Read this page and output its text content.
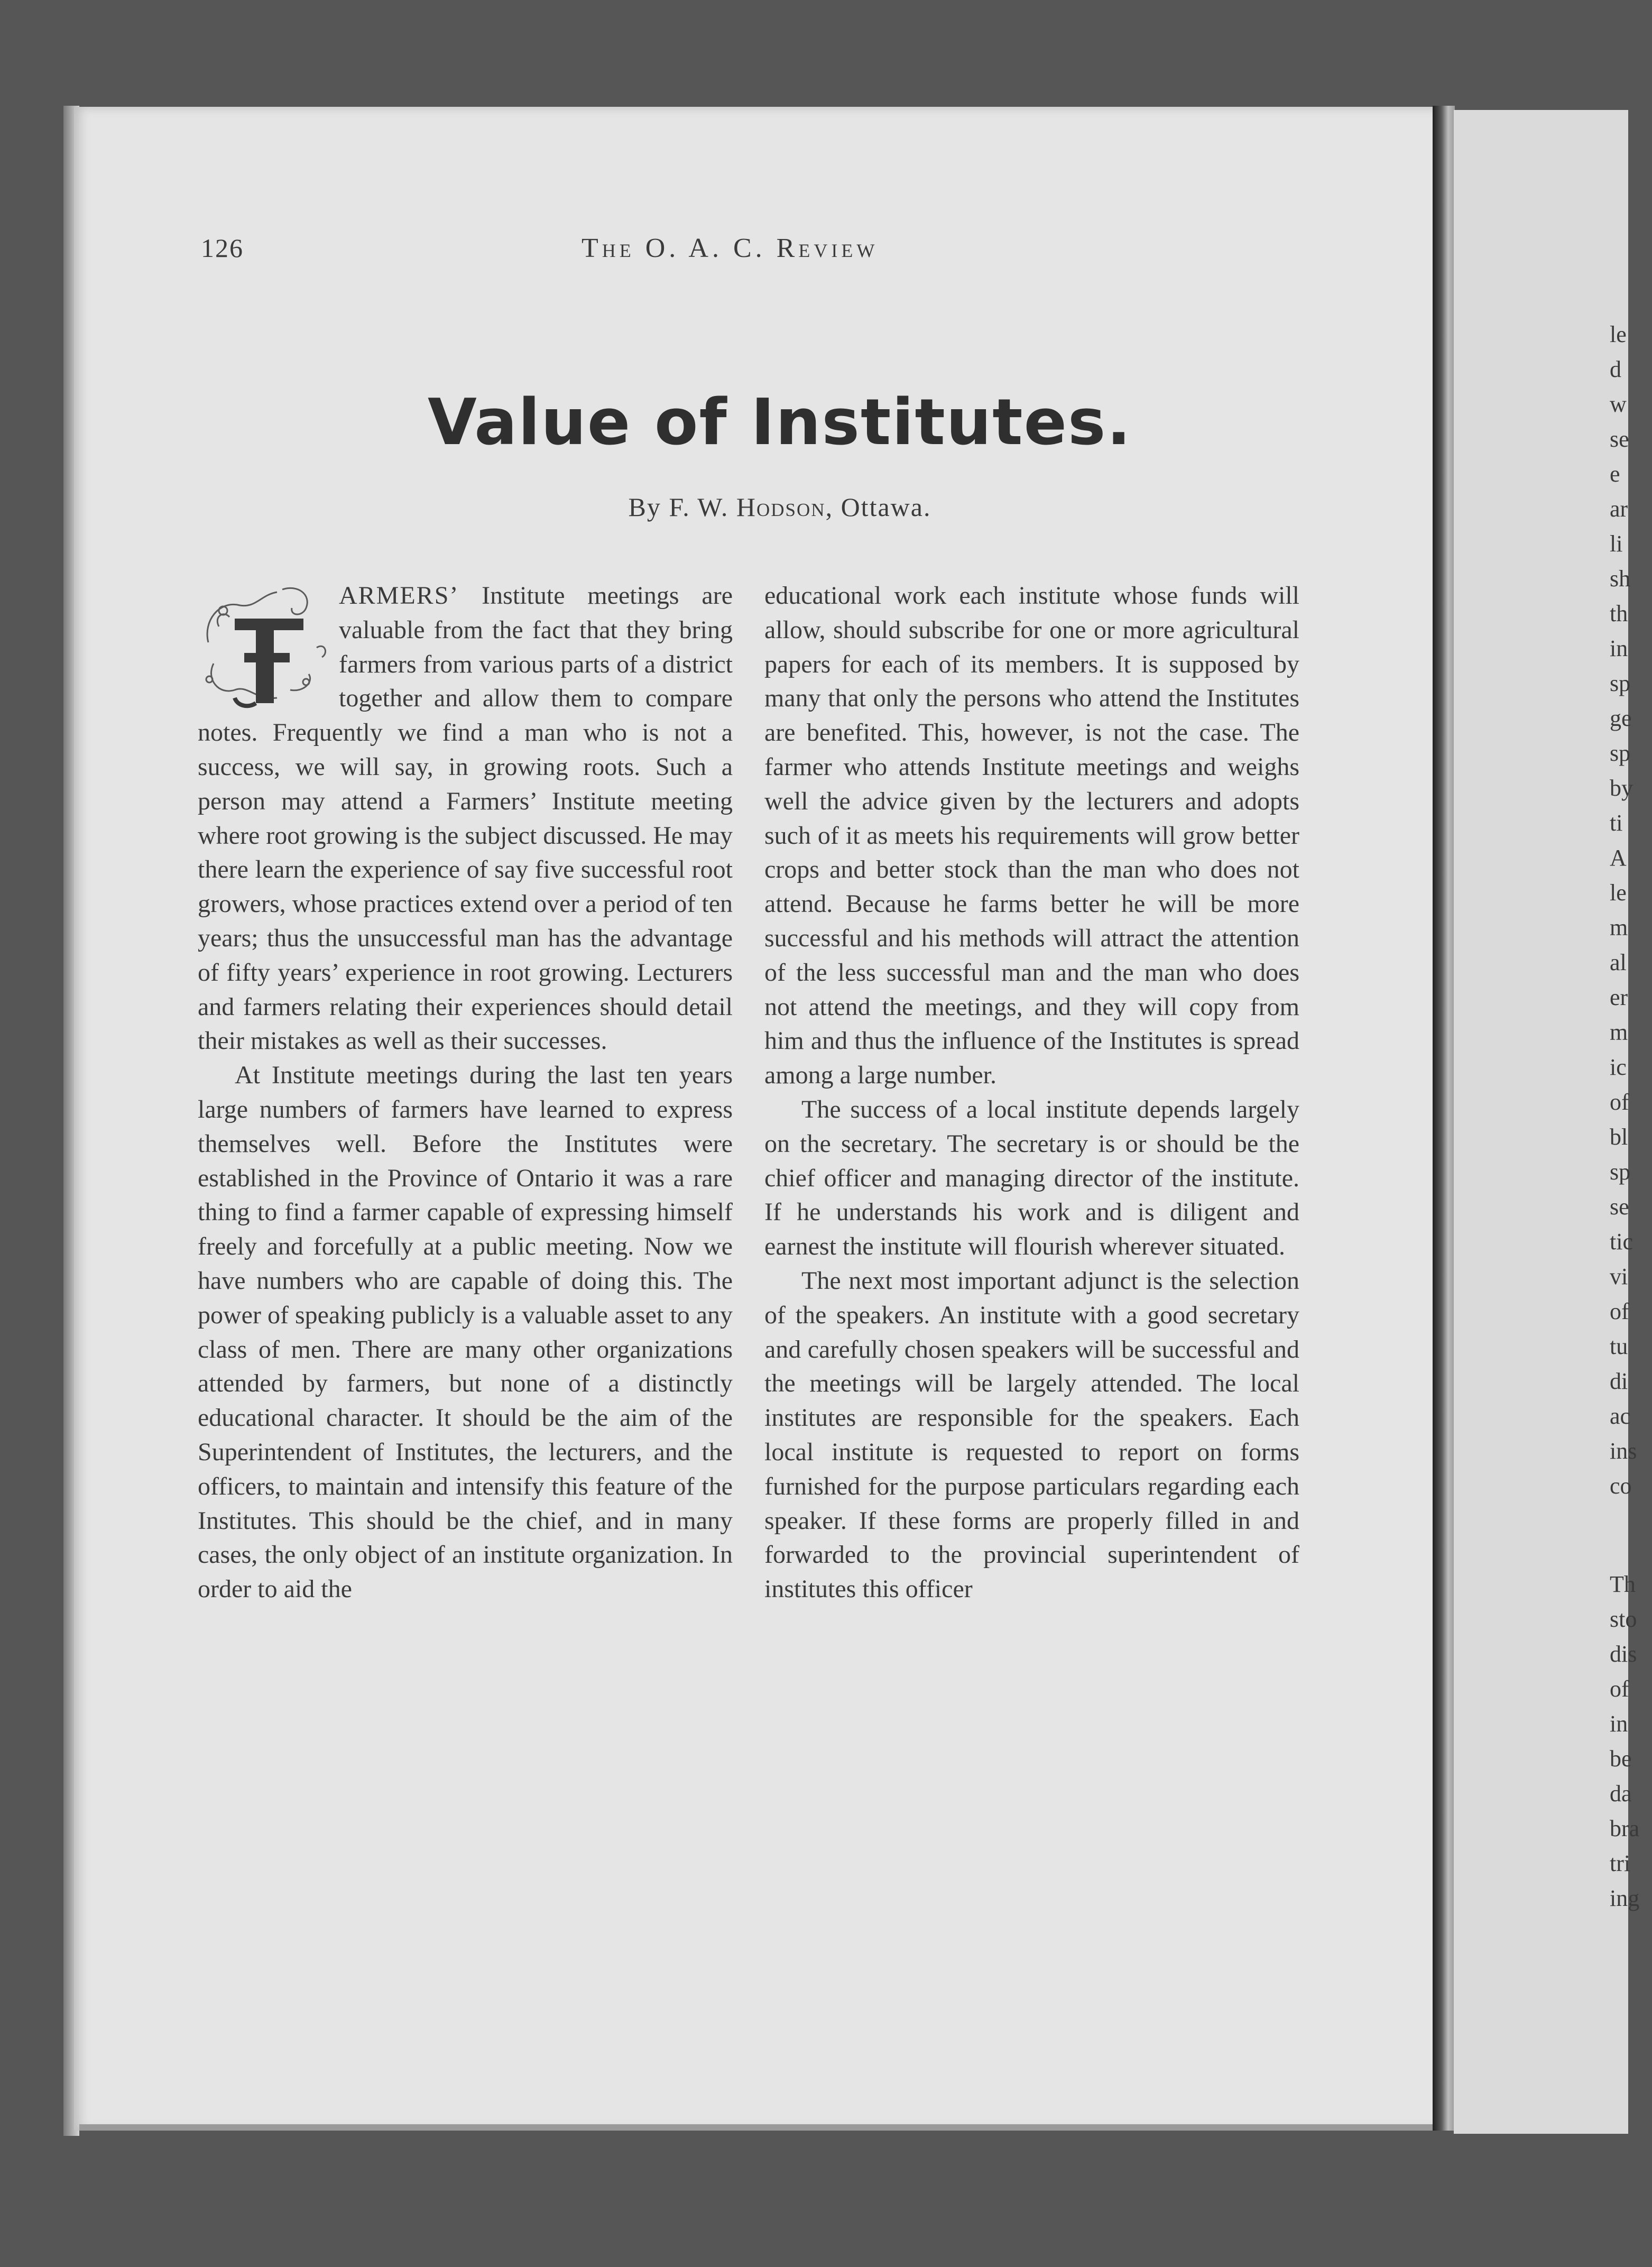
le
d
w
se
e
ar
li
sh
th
in
sp
ge
sp
by
ti
A
le
m
al
er
m
ic
of
bl
sp
se
tic
vi
of
tu
di
ac
ins
co
Th
sto
dis
of
in
be
da
bra
tri
ing
126	The O. A. C. Review
Value of Institutes.
By F. W. Hodson, Ottawa.

F
ARMERS’ Institute meetings are valuable from the fact that they bring farmers from various parts of a district together and allow them to compare notes. Frequently we find a man who is not a success, we will say, in growing roots. Such a person may attend a Farmers’ Institute meeting where root growing is the subject discussed. He may there learn the experience of say five successful root growers, whose practices extend over a period of ten years; thus the unsuccessful man has the advantage of fifty years’ experience in root growing. Lecturers and farmers relating their experiences should detail their mistakes as well as their successes.

At Institute meetings during the last ten years large numbers of farmers have learned to express themselves well. Before the Institutes were established in the Province of Ontario it was a rare thing to find a farmer capable of expressing himself freely and forcefully at a public meeting. Now we have numbers who are capable of doing this. The power of speaking publicly is a valuable asset to any class of men. There are many other organizations attended by farmers, but none of a distinctly educational character. It should be the aim of the Superintendent of Institutes, the lecturers, and the officers, to maintain and intensify this feature of the Institutes. This should be the chief, and in many cases, the only object of an institute organization. In order to aid the

educational work each institute whose funds will allow, should subscribe for one or more agricultural papers for each of its members. It is supposed by many that only the persons who attend the Institutes are benefited. This, however, is not the case. The farmer who attends Institute meetings and weighs well the advice given by the lecturers and adopts such of it as meets his requirements will grow better crops and better stock than the man who does not attend. Because he farms better he will be more successful and his methods will attract the attention of the less successful man and the man who does not attend the meetings, and they will copy from him and thus the influence of the Institutes is spread among a large number.

The success of a local institute depends largely on the secretary. The secretary is or should be the chief officer and managing director of the institute. If he understands his work and is diligent and earnest the institute will flourish wherever situated.

The next most important adjunct is the selection of the speakers. An institute with a good secretary and carefully chosen speakers will be successful and the meetings will be largely attended. The local institutes are responsible for the speakers. Each local institute is requested to report on forms furnished for the purpose particulars regarding each speaker. If these forms are properly filled in and forwarded to the provincial superintendent of institutes this officer
